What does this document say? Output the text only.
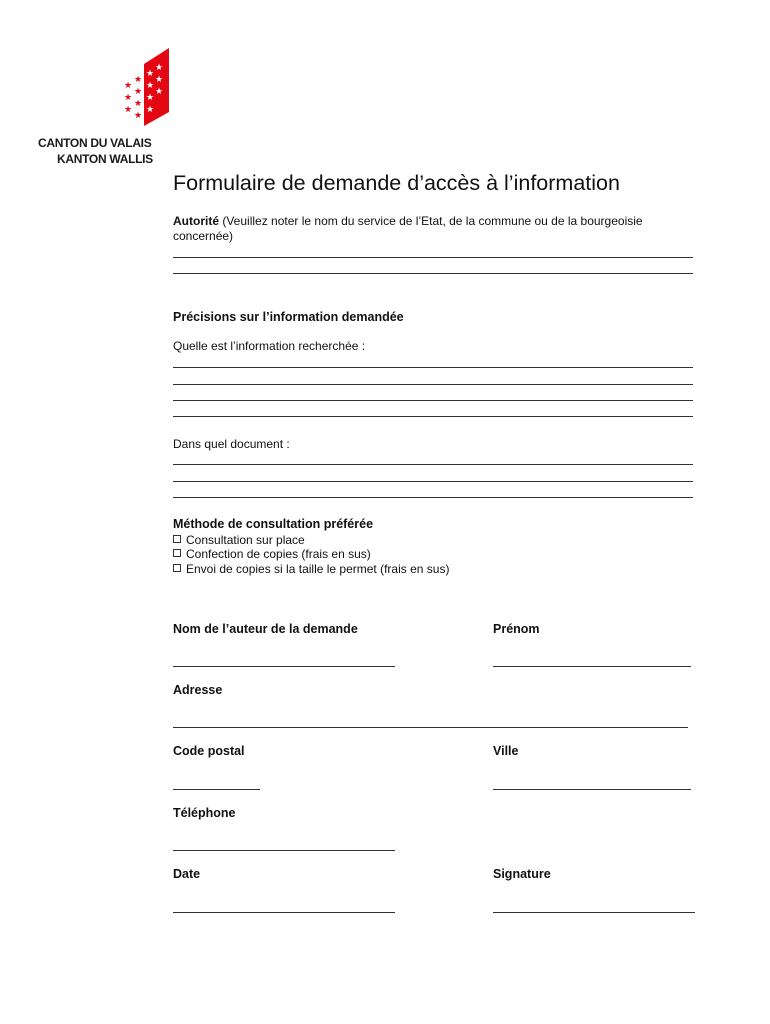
★
★
★
★
★
★
★
★
★
★
★
★
★
★
CANTON DU VALAIS
KANTON WALLIS
Formulaire de demande d’accès à l’information
Autorité (Veuillez noter le nom du service de l’Etat, de la commune ou de la bourgeoisie
concernée)
Précisions sur l’information demandée
Quelle est l’information recherchée :
Dans quel document :
Méthode de consultation préférée
Consultation sur place
Confection de copies (frais en sus)
Envoi de copies si la taille le permet (frais en sus)
Nom de l’auteur de la demande	Prénom
Adresse
Code postal	Ville
Téléphone
Date	Signature
